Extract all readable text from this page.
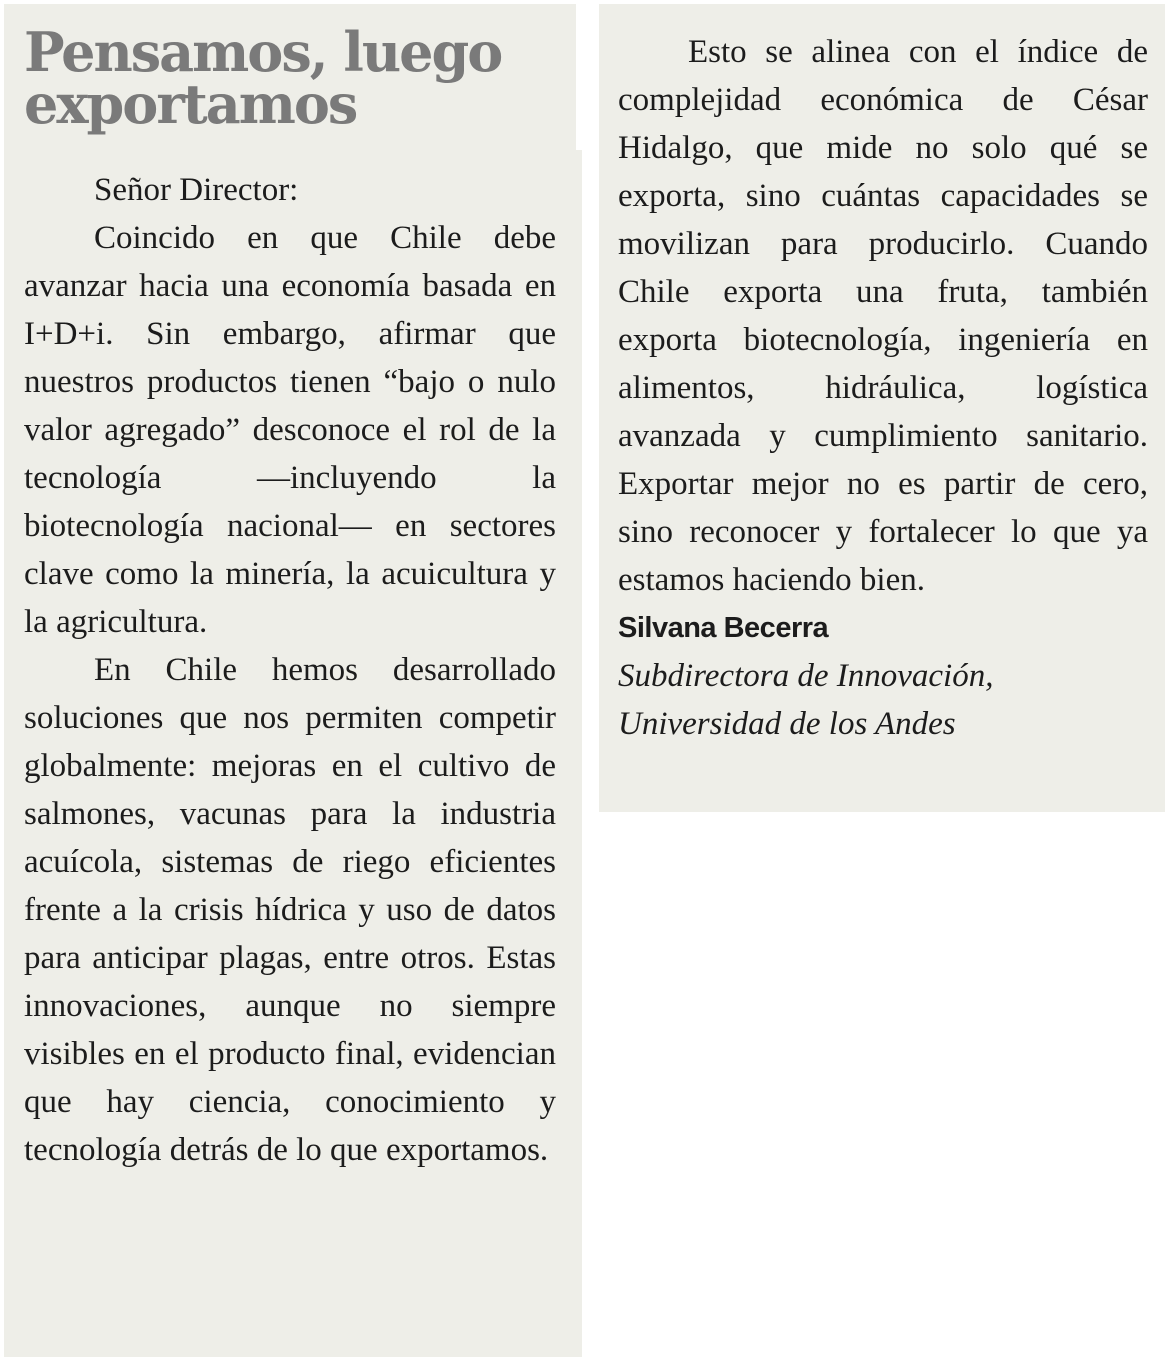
Pensamos, luego
exportamos

Señor Director:

Coincido en que Chile debe avanzar hacia una economía basada en I+D+i. Sin embargo, afirmar que nuestros productos tienen “bajo o nulo valor agregado” desconoce el rol de la tecnología —incluyendo la biotecnología nacional— en sectores clave como la minería, la acuicultura y la agricultura.

En Chile hemos desarrollado soluciones que nos permiten competir globalmente: mejoras en el cultivo de salmones, vacunas para la industria acuícola, sistemas de riego eficientes frente a la crisis hídrica y uso de datos para anticipar plagas, entre otros. Estas innovaciones, aunque no siempre visibles en el producto final, evidencian que hay ciencia, conocimiento y tecnología detrás de lo que exportamos.

Esto se alinea con el índice de complejidad económica de César Hidalgo, que mide no solo qué se exporta, sino cuántas capacidades se movilizan para producirlo. Cuando Chile exporta una fruta, también exporta biotecnología, ingeniería en alimentos, hidráulica, logística avanzada y cumplimiento sanitario. Exportar mejor no es partir de cero, sino reconocer y fortalecer lo que ya estamos haciendo bien.

Silvana Becerra
Subdirectora de Innovación, Universidad de los Andes
